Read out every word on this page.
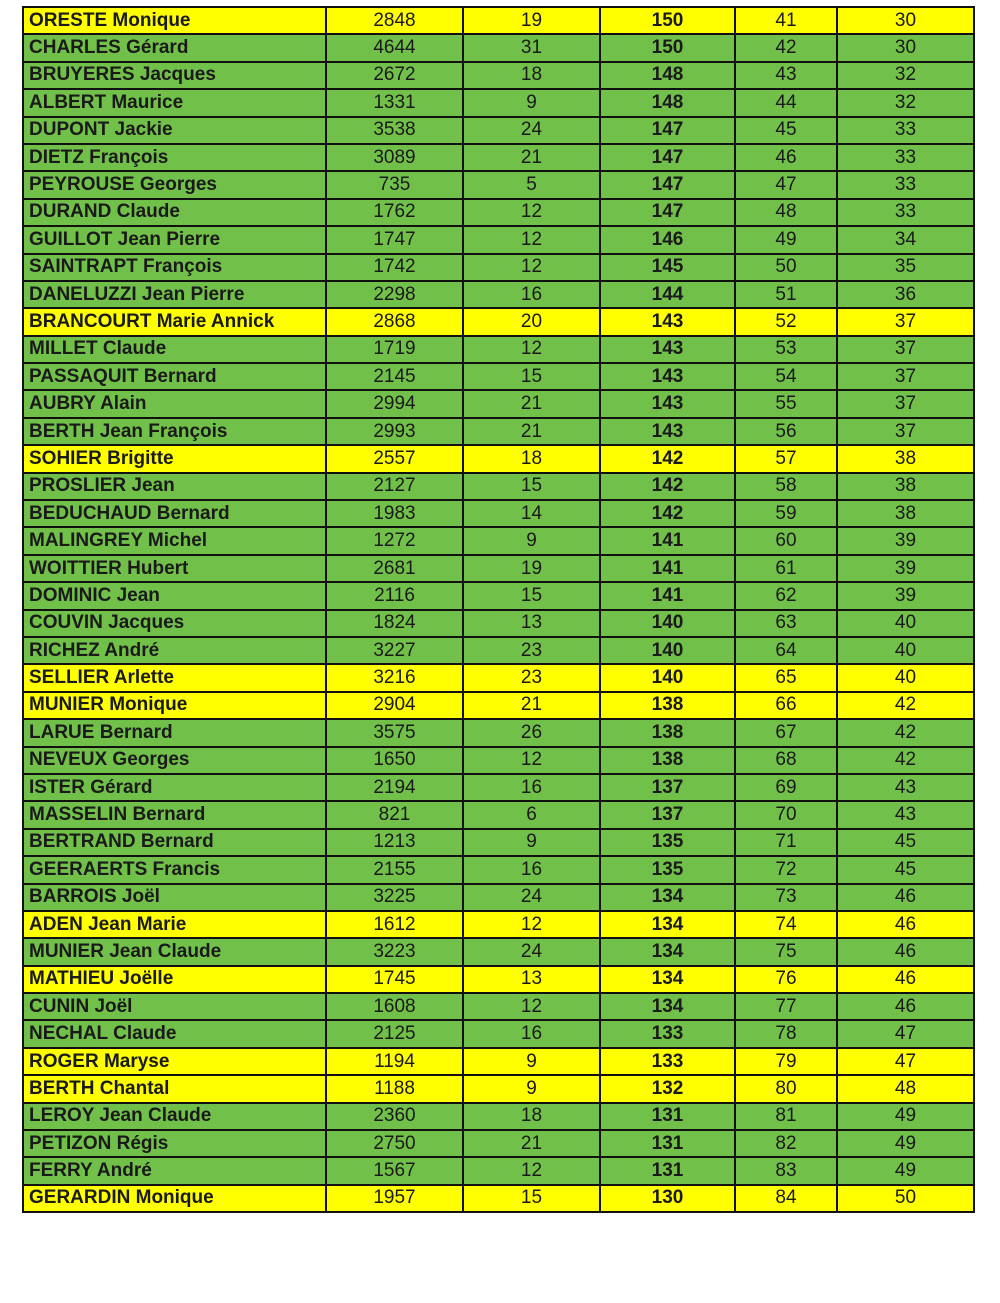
ORESTE Monique	2848	19	150	41	30
CHARLES Gérard	4644	31	150	42	30
BRUYERES Jacques	2672	18	148	43	32
ALBERT Maurice	1331	9	148	44	32
DUPONT Jackie	3538	24	147	45	33
DIETZ François	3089	21	147	46	33
PEYROUSE Georges	735	5	147	47	33
DURAND Claude	1762	12	147	48	33
GUILLOT Jean Pierre	1747	12	146	49	34
SAINTRAPT François	1742	12	145	50	35
DANELUZZI Jean Pierre	2298	16	144	51	36
BRANCOURT Marie Annick	2868	20	143	52	37
MILLET Claude	1719	12	143	53	37
PASSAQUIT Bernard	2145	15	143	54	37
AUBRY Alain	2994	21	143	55	37
BERTH Jean François	2993	21	143	56	37
SOHIER Brigitte	2557	18	142	57	38
PROSLIER Jean	2127	15	142	58	38
BEDUCHAUD Bernard	1983	14	142	59	38
MALINGREY Michel	1272	9	141	60	39
WOITTIER Hubert	2681	19	141	61	39
DOMINIC Jean	2116	15	141	62	39
COUVIN Jacques	1824	13	140	63	40
RICHEZ André	3227	23	140	64	40
SELLIER Arlette	3216	23	140	65	40
MUNIER Monique	2904	21	138	66	42
LARUE Bernard	3575	26	138	67	42
NEVEUX Georges	1650	12	138	68	42
ISTER Gérard	2194	16	137	69	43
MASSELIN Bernard	821	6	137	70	43
BERTRAND Bernard	1213	9	135	71	45
GEERAERTS Francis	2155	16	135	72	45
BARROIS Joël	3225	24	134	73	46
ADEN Jean Marie	1612	12	134	74	46
MUNIER Jean Claude	3223	24	134	75	46
MATHIEU Joëlle	1745	13	134	76	46
CUNIN Joël	1608	12	134	77	46
NECHAL Claude	2125	16	133	78	47
ROGER Maryse	1194	9	133	79	47
BERTH Chantal	1188	9	132	80	48
LEROY Jean Claude	2360	18	131	81	49
PETIZON Régis	2750	21	131	82	49
FERRY André	1567	12	131	83	49
GERARDIN Monique	1957	15	130	84	50
